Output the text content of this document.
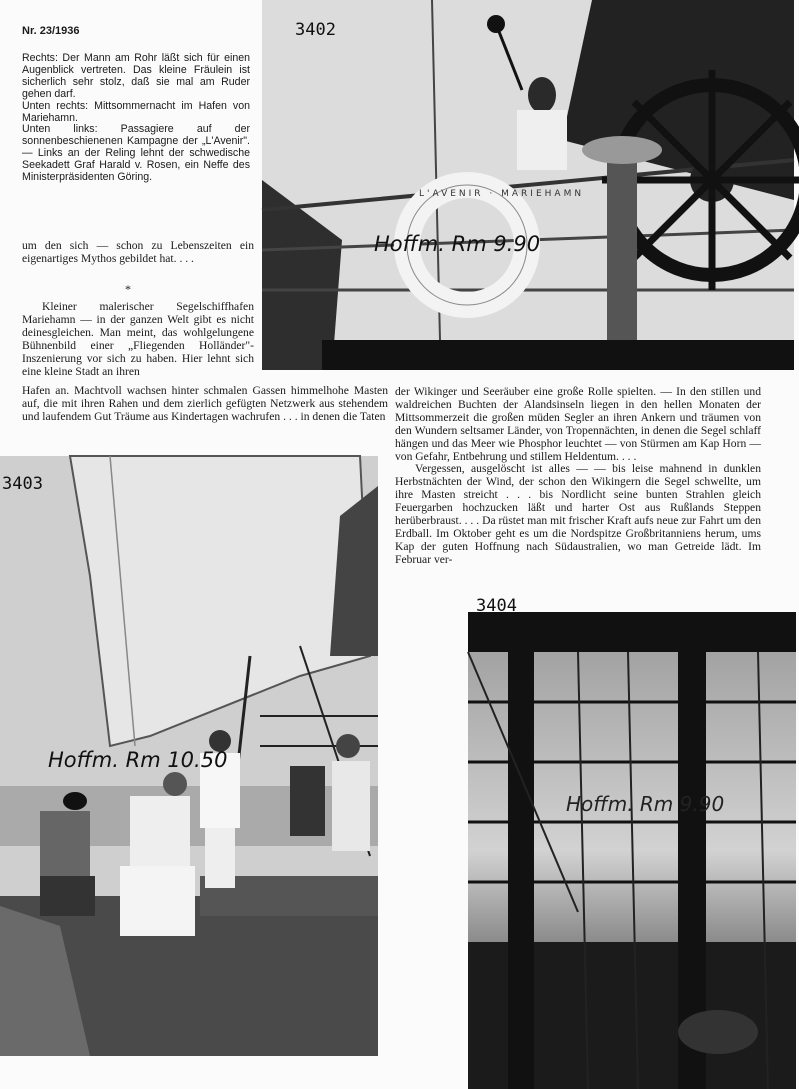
Nr. 23/1936

Rechts: Der Mann am Rohr läßt sich für einen Augenblick vertreten. Das kleine Fräulein ist sicherlich sehr stolz, daß sie mal am Ruder gehen darf.

Unten rechts: Mittsommernacht im Hafen von Mariehamn.

Unten links: Passagiere auf der sonnenbeschienenen Kampagne der „L'Avenir". — Links an der Reling lehnt der schwedische Seekadett Graf Harald v. Rosen, ein Neffe des Ministerpräsidenten Göring.

um den sich — schon zu Lebenszeiten ein eigenartiges Mythos gebildet hat. . . .
*
Kleiner malerischer Segelschiffhafen Mariehamn — in der ganzen Welt gibt es nicht deinesgleichen. Man meint, das wohlgelungene Bühnenbild einer „Fliegenden Holländer"-Inszenierung vor sich zu haben. Hier lehnt sich eine kleine Stadt an ihren
Hafen an. Machtvoll wachsen hinter schmalen Gassen himmelhohe Masten auf, die mit ihren Rahen und dem zierlich gefügten Netzwerk aus stehendem und laufendem Gut Träume aus Kindertagen wachrufen . . . in denen die Taten

der Wikinger und Seeräuber eine große Rolle spielten. — In den stillen und waldreichen Buchten der Alandsinseln liegen in den hellen Monaten der Mittsommerzeit die großen müden Segler an ihren Ankern und träumen von den Wundern seltsamer Länder, von Tropennächten, in denen die Segel schlaff hängen und das Meer wie Phosphor leuchtet — von Stürmen am Kap Horn — von Gefahr, Entbehrung und stillem Heldentum. . . .

Vergessen, ausgelöscht ist alles — — bis leise mahnend in dunklen Herbstnächten der Wind, der schon den Wikingern die Segel schwellte, um ihre Masten streicht . . . bis Nordlicht seine bunten Strahlen gleich Feuergarben hochzucken läßt und harter Ost aus Rußlands Steppen herüberbraust. . . . Da rüstet man mit frischer Kraft aufs neue zur Fahrt um den Erdball. Im Oktober geht es um die Nordspitze Großbritanniens herum, ums Kap der guten Hoffnung nach Südaustralien, wo man Getreide lädt. Im Februar ver-

L'AVENIR · MARIEHAMN
3402
Hoffm. Rm 9.90
3403
Hoffm. Rm 10.50
3404
Hoffm. Rm 9.90
